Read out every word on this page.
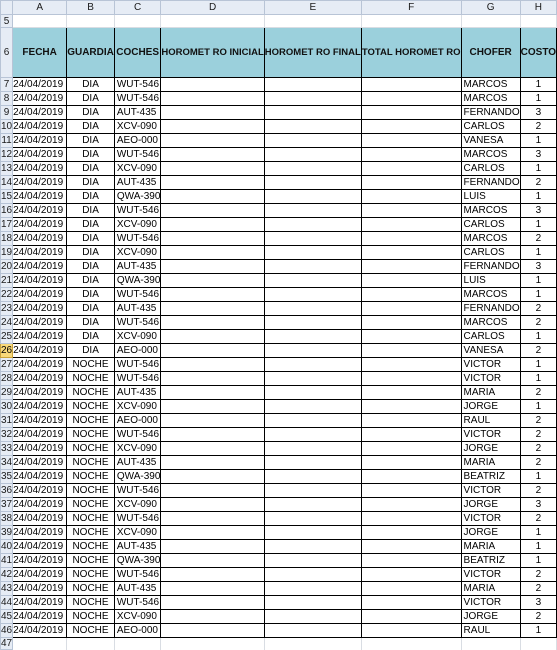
	A	B	C	D	E	F	G	H
5								
6	FECHA	GUARDIA	COCHES	HOROMET RO INICIAL	HOROMET RO FINAL	TOTAL HOROMET RO	CHOFER	COSTO
7	24/04/2019	DIA	WUT-546				MARCOS	1
8	24/04/2019	DIA	WUT-546				MARCOS	1
9	24/04/2019	DIA	AUT-435				FERNANDO	3
10	24/04/2019	DIA	XCV-090				CARLOS	2
11	24/04/2019	DIA	AEO-000				VANESA	1
12	24/04/2019	DIA	WUT-546				MARCOS	3
13	24/04/2019	DIA	XCV-090				CARLOS	1
14	24/04/2019	DIA	AUT-435				FERNANDO	2
15	24/04/2019	DIA	QWA-390				LUIS	1
16	24/04/2019	DIA	WUT-546				MARCOS	3
17	24/04/2019	DIA	XCV-090				CARLOS	1
18	24/04/2019	DIA	WUT-546				MARCOS	2
19	24/04/2019	DIA	XCV-090				CARLOS	1
20	24/04/2019	DIA	AUT-435				FERNANDO	3
21	24/04/2019	DIA	QWA-390				LUIS	1
22	24/04/2019	DIA	WUT-546				MARCOS	1
23	24/04/2019	DIA	AUT-435				FERNANDO	2
24	24/04/2019	DIA	WUT-546				MARCOS	2
25	24/04/2019	DIA	XCV-090				CARLOS	1
26	24/04/2019	DIA	AEO-000				VANESA	2
27	24/04/2019	NOCHE	WUT-546				VICTOR	1
28	24/04/2019	NOCHE	WUT-546				VICTOR	1
29	24/04/2019	NOCHE	AUT-435				MARIA	2
30	24/04/2019	NOCHE	XCV-090				JORGE	1
31	24/04/2019	NOCHE	AEO-000				RAUL	2
32	24/04/2019	NOCHE	WUT-546				VICTOR	2
33	24/04/2019	NOCHE	XCV-090				JORGE	2
34	24/04/2019	NOCHE	AUT-435				MARIA	2
35	24/04/2019	NOCHE	QWA-390				BEATRIZ	1
36	24/04/2019	NOCHE	WUT-546				VICTOR	2
37	24/04/2019	NOCHE	XCV-090				JORGE	3
38	24/04/2019	NOCHE	WUT-546				VICTOR	2
39	24/04/2019	NOCHE	XCV-090				JORGE	1
40	24/04/2019	NOCHE	AUT-435				MARIA	1
41	24/04/2019	NOCHE	QWA-390				BEATRIZ	1
42	24/04/2019	NOCHE	WUT-546				VICTOR	2
43	24/04/2019	NOCHE	AUT-435				MARIA	2
44	24/04/2019	NOCHE	WUT-546				VICTOR	3
45	24/04/2019	NOCHE	XCV-090				JORGE	2
46	24/04/2019	NOCHE	AEO-000				RAUL	1
47								
